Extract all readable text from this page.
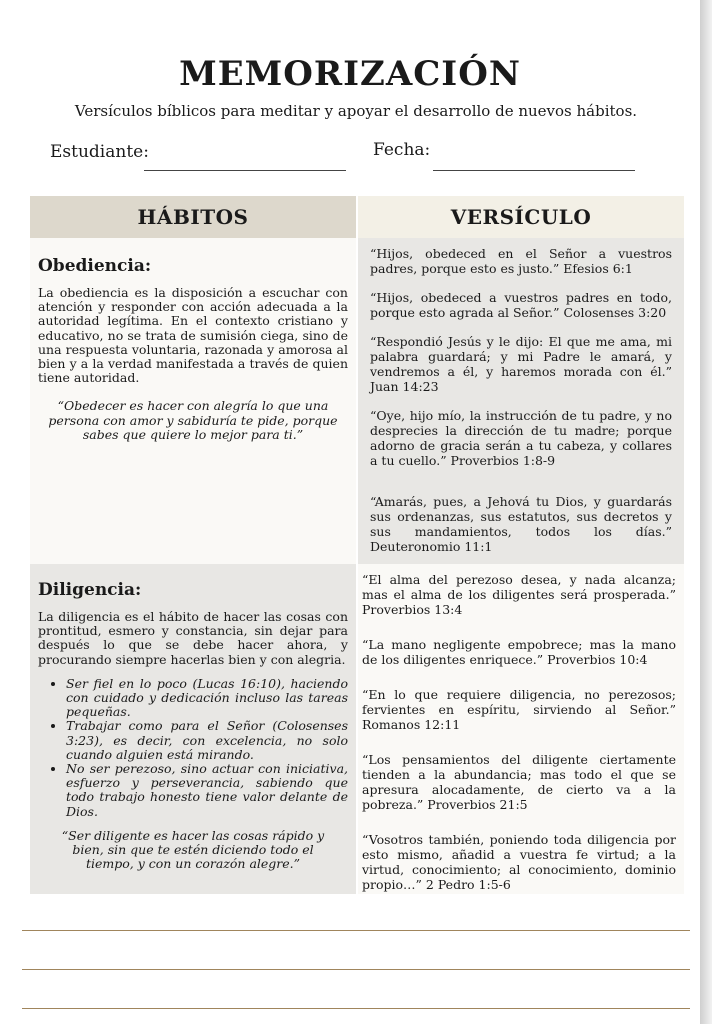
MEMORIZACIÓN
Versículos bíblicos para meditar y apoyar el desarrollo de nuevos hábitos.
Estudiante:	Fecha:
HÁBITOS	VERSÍCULO

Obediencia:

La obediencia es la disposición a escuchar con atención y responder con acción adecuada a la autoridad legítima. En el contexto cristiano y educativo, no se trata de sumisión ciega, sino de una respuesta voluntaria, razonada y amorosa al bien y a la verdad manifestada a través de quien tiene autoridad.

“Obedecer es hacer con alegría lo que una persona con amor y sabiduría te pide, porque sabes que quiere lo mejor para ti.”

“Hijos, obedeced en el Señor a vuestros padres, porque esto es justo.” Efesios 6:1

“Hijos, obedeced a vuestros padres en todo, porque esto agrada al Señor.” Colosenses 3:20

“Respondió Jesús y le dijo: El que me ama, mi palabra guardará; y mi Padre le amará, y vendremos a él, y haremos morada con él.” Juan 14:23

“Oye, hijo mío, la instrucción de tu padre, y no desprecies la dirección de tu madre; porque adorno de gracia serán a tu cabeza, y collares a tu cuello.” Proverbios 1:8-9

“Amarás, pues, a Jehová tu Dios, y guardarás sus ordenanzas, sus estatutos, sus decretos y sus mandamientos, todos los días.” Deuteronomio 11:1

Diligencia:

La diligencia es el hábito de hacer las cosas con prontitud, esmero y constancia, sin dejar para después lo que se debe hacer ahora, y procurando siempre hacerlas bien y con alegria.

• Ser fiel en lo poco (Lucas 16:10), haciendo con cuidado y dedicación incluso las tareas pequeñas.
• Trabajar como para el Señor (Colosenses 3:23), es decir, con excelencia, no solo cuando alguien está mirando.
• No ser perezoso, sino actuar con iniciativa, esfuerzo y perseverancia, sabiendo que todo trabajo honesto tiene valor delante de Dios.

“Ser diligente es hacer las cosas rápido y bien, sin que te estén diciendo todo el tiempo, y con un corazón alegre.”

“El alma del perezoso desea, y nada alcanza; mas el alma de los diligentes será prosperada.” Proverbios 13:4

“La mano negligente empobrece; mas la mano de los diligentes enriquece.” Proverbios 10:4

“En lo que requiere diligencia, no perezosos; fervientes en espíritu, sirviendo al Señor.” Romanos 12:11

“Los pensamientos del diligente ciertamente tienden a la abundancia; mas todo el que se apresura alocadamente, de cierto va a la pobreza.” Proverbios 21:5

“Vosotros también, poniendo toda diligencia por esto mismo, añadid a vuestra fe virtud; a la virtud, conocimiento; al conocimiento, dominio propio…” 2 Pedro 1:5-6
